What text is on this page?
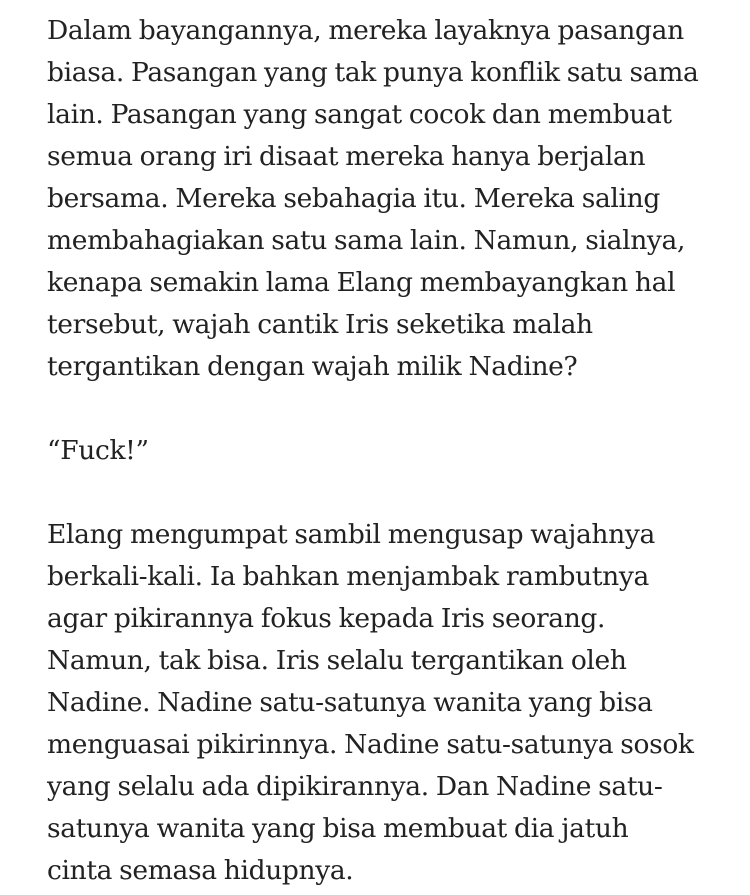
Dalam bayangannya, mereka layaknya pasangan
biasa. Pasangan yang tak punya konflik satu sama
lain. Pasangan yang sangat cocok dan membuat
semua orang iri disaat mereka hanya berjalan
bersama. Mereka sebahagia itu. Mereka saling
membahagiakan satu sama lain. Namun, sialnya,
kenapa semakin lama Elang membayangkan hal
tersebut, wajah cantik Iris seketika malah
tergantikan dengan wajah milik Nadine?

“Fuck!”

Elang mengumpat sambil mengusap wajahnya
berkali-kali. Ia bahkan menjambak rambutnya
agar pikirannya fokus kepada Iris seorang.
Namun, tak bisa. Iris selalu tergantikan oleh
Nadine. Nadine satu-satunya wanita yang bisa
menguasai pikirinnya. Nadine satu-satunya sosok
yang selalu ada dipikirannya. Dan Nadine satu-
satunya wanita yang bisa membuat dia jatuh
cinta semasa hidupnya.
